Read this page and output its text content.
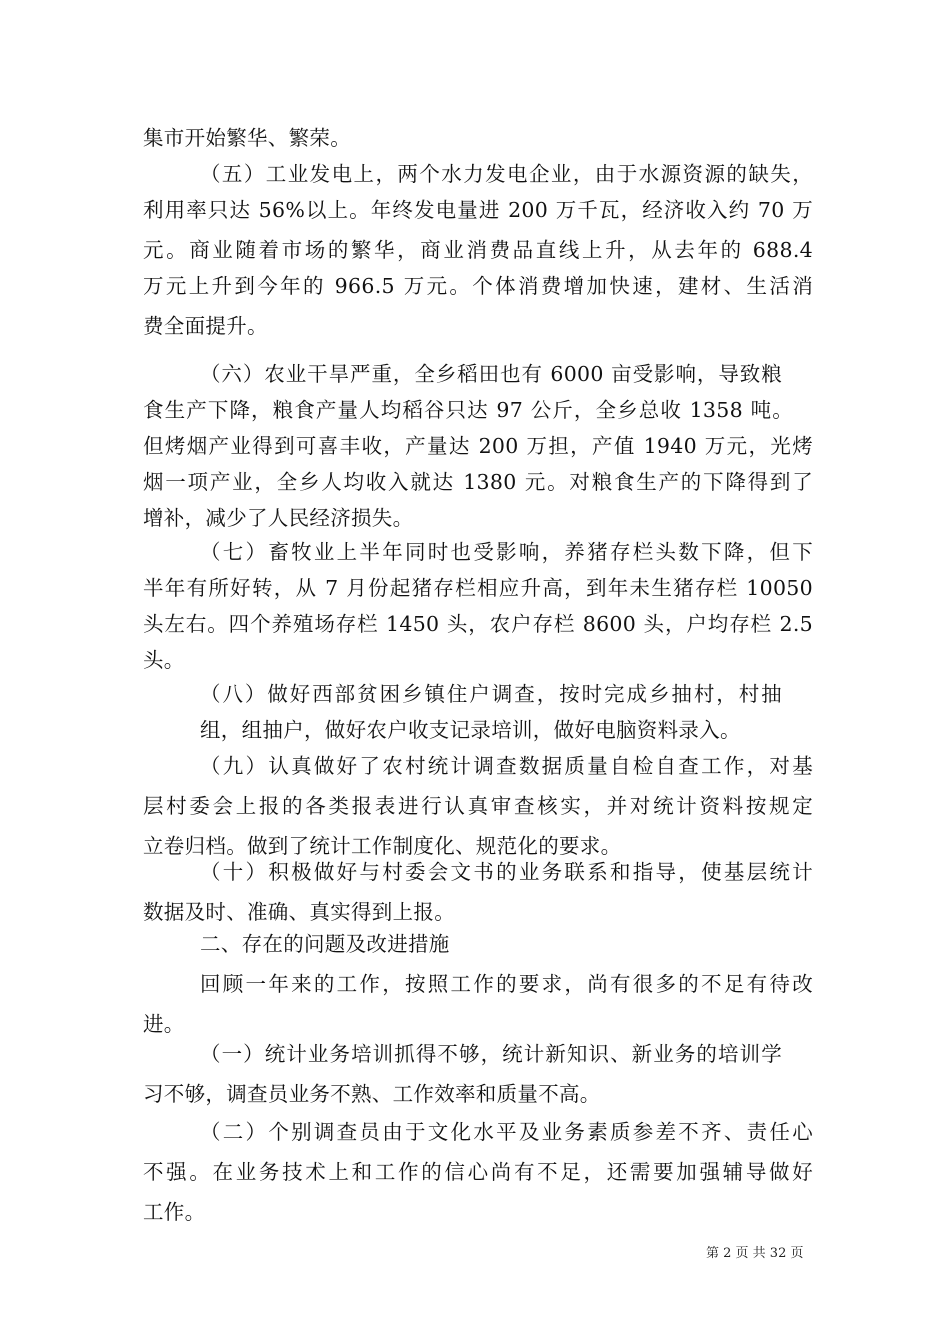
集市开始繁华、繁荣。
（五）工业发电上，两个水力发电企业，由于水源资源的缺失，
利用率只达 56%以上。年终发电量进 200 万千瓦，经济收入约 70 万
元。商业随着市场的繁华，商业消费品直线上升，从去年的 688.4
万元上升到今年的 966.5 万元。个体消费增加快速，建材、生活消
费全面提升。
（六）农业干旱严重，全乡稻田也有 6000 亩受影响，导致粮
食生产下降，粮食产量人均稻谷只达 97 公斤，全乡总收 1358 吨。
但烤烟产业得到可喜丰收，产量达 200 万担，产值 1940 万元，光烤
烟一项产业，全乡人均收入就达 1380 元。对粮食生产的下降得到了
增补，减少了人民经济损失。
（七）畜牧业上半年同时也受影响，养猪存栏头数下降，但下
半年有所好转，从 7 月份起猪存栏相应升高，到年未生猪存栏 10050
头左右。四个养殖场存栏 1450 头，农户存栏 8600 头，户均存栏 2.5
头。
（八）做好西部贫困乡镇住户调查，按时完成乡抽村，村抽
组，组抽户，做好农户收支记录培训，做好电脑资料录入。
（九）认真做好了农村统计调查数据质量自检自查工作，对基
层村委会上报的各类报表进行认真审查核实，并对统计资料按规定
立卷归档。做到了统计工作制度化、规范化的要求。
（十）积极做好与村委会文书的业务联系和指导，使基层统计
数据及时、准确、真实得到上报。
二、存在的问题及改进措施
回顾一年来的工作，按照工作的要求，尚有很多的不足有待改
进。
（一）统计业务培训抓得不够，统计新知识、新业务的培训学
习不够，调查员业务不熟、工作效率和质量不高。
第 2 页 共 32 页
（二）个别调查员由于文化水平及业务素质参差不齐、责任心
不强。在业务技术上和工作的信心尚有不足，还需要加强辅导做好
工作。
